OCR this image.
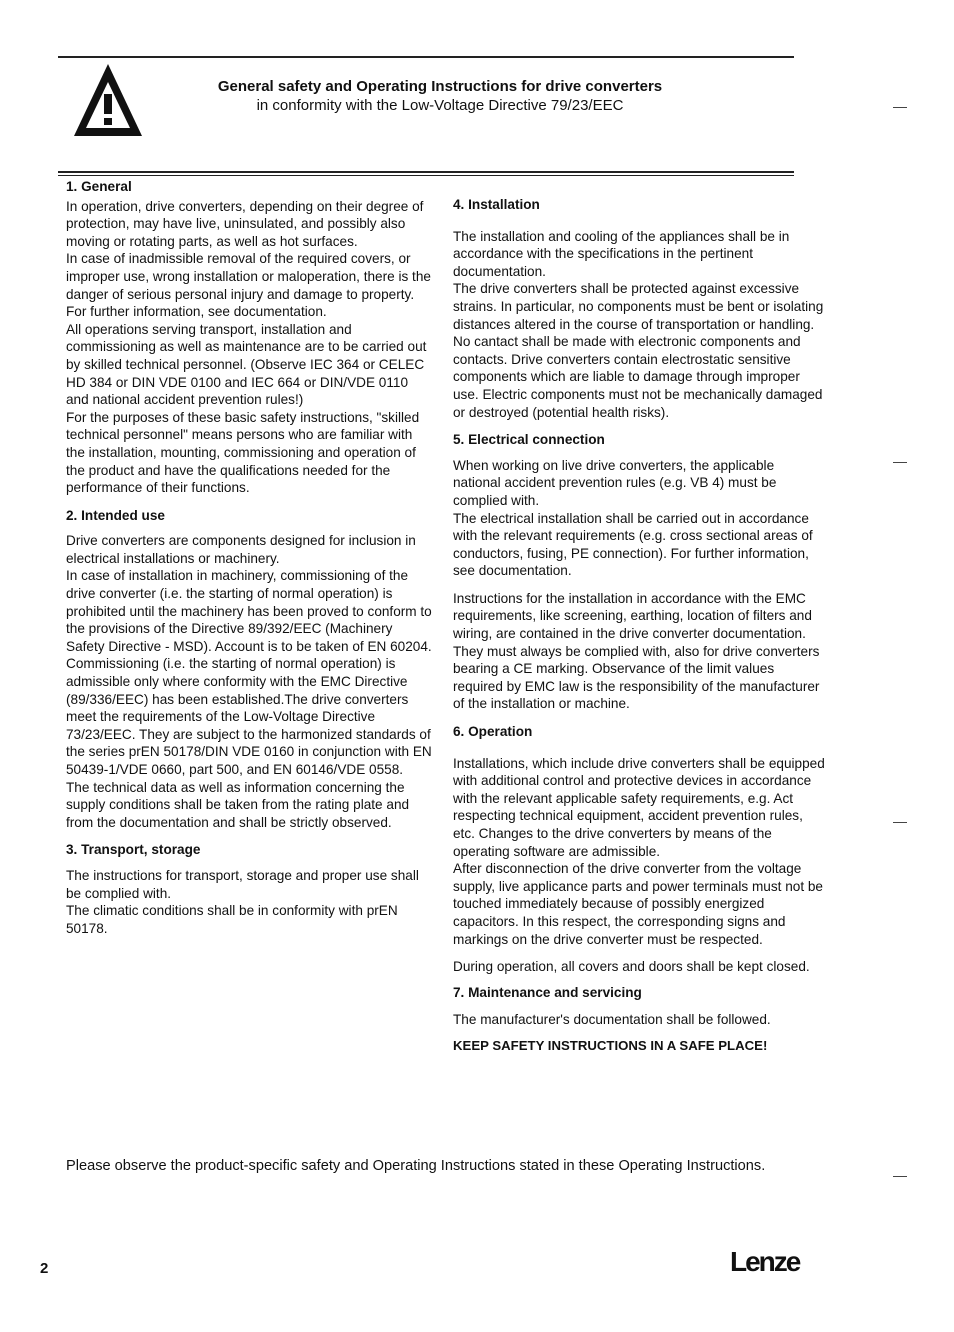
General safety and Operating Instructions for drive converters
in conformity with the Low-Voltage Directive 79/23/EEC
1. General

In operation, drive converters, depending on their degree of protection, may have live, uninsulated, and possibly also moving or rotating parts, as well as hot surfaces.

In case of inadmissible removal of the required covers, or improper use, wrong installation or maloperation, there is the danger of serious personal injury and damage to property. For further information, see documentation.

All operations serving transport, installation and commissioning as well as maintenance are to be carried out by skilled technical personnel. (Observe IEC 364 or CELEC HD 384 or DIN VDE 0100 and IEC 664 or DIN/VDE 0110 and national accident prevention rules!)

For the purposes of these basic safety instructions, "skilled technical personnel" means persons who are familiar with the installation, mounting, commissioning and operation of the product and have the qualifications needed for the performance of their functions.

2. Intended use

Drive converters are components designed for inclusion in electrical installations or machinery.

In case of installation in machinery, commissioning of the drive converter (i.e. the starting of normal operation) is prohibited until the machinery has been proved to conform to the provisions of the Directive 89/392/EEC (Machinery Safety Directive - MSD). Account is to be taken of EN 60204.

Commissioning (i.e. the starting of normal operation) is admissible only where conformity with the EMC Directive (89/336/EEC) has been established.The drive converters meet the requirements of the Low-Voltage Directive 73/23/EEC. They are subject to the harmonized standards of the series prEN 50178/DIN VDE 0160 in conjunction with EN 50439-1/VDE 0660, part 500, and EN 60146/VDE 0558.

The technical data as well as information concerning the supply conditions shall be taken from the rating plate and from the documentation and shall be strictly observed.

3. Transport, storage

The instructions for transport, storage and proper use shall be complied with.

The climatic conditions shall be in conformity with prEN 50178.

4. Installation

The installation and cooling of the appliances shall be in accordance with the specifications in the pertinent documentation.

The drive converters shall be protected against excessive strains. In particular, no components must be bent or isolating distances altered in the course of transportation or handling. No cantact shall be made with electronic components and contacts. Drive converters contain electrostatic sensitive components which are liable to damage through improper use. Electric components must not be mechanically damaged or destroyed (potential health risks).

5. Electrical connection

When working on live drive converters, the applicable national accident prevention rules (e.g. VB 4) must be complied with.

The electrical installation shall be carried out in accordance with the relevant requirements (e.g. cross sectional areas of conductors, fusing, PE connection). For further information, see documentation.

Instructions for the installation in accordance with the EMC requirements, like screening, earthing, location of filters and wiring, are contained in the drive converter documentation. They must always be complied with, also for drive converters bearing a CE marking. Observance of the limit values required by EMC law is the responsibility of the manufacturer of the installation or machine.

6. Operation

Installations, which include drive converters shall be equipped with additional control and protective devices in accordance with the relevant applicable safety requirements, e.g. Act respecting technical equipment, accident prevention rules, etc. Changes to the drive converters by means of the operating software are admissible.

After disconnection of the drive converter from the voltage supply, live applicance parts and power terminals must not be touched immediately because of possibly energized capacitors. In this respect, the corresponding signs and markings on the drive converter must be respected.

During operation, all covers and doors shall be kept closed.

7. Maintenance and servicing

The manufacturer's documentation shall be followed.

KEEP SAFETY INSTRUCTIONS IN A SAFE PLACE!
Please observe the product-specific safety and Operating Instructions stated in these Operating Instructions.
2	Lenze
